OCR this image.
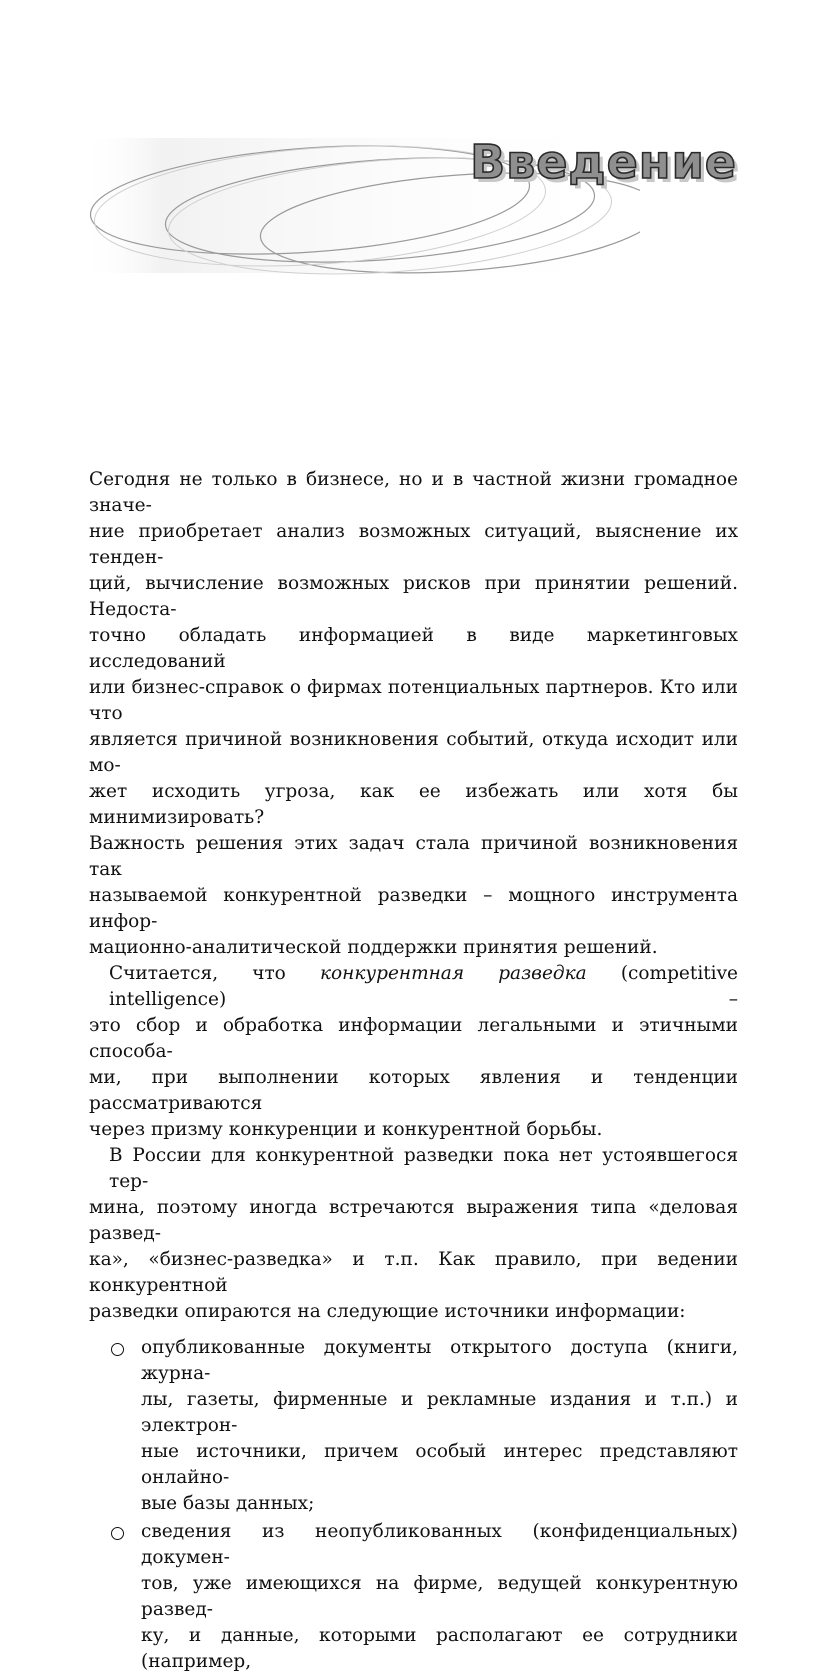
Введение

Сегодня не только в бизнесе, но и в частной жизни громадное значе-
ние приобретает анализ возможных ситуаций, выяснение их тенден-
ций, вычисление возможных рисков при принятии решений. Недоста-
точно обладать информацией в виде маркетинговых исследований
или бизнес-справок о фирмах потенциальных партнеров. Кто или что
является причиной возникновения событий, откуда исходит или мо-
жет исходить угроза, как ее избежать или хотя бы минимизировать?
Важность решения этих задач стала причиной возникновения так
называемой конкурентной разведки – мощного инструмента инфор-
мационно-аналитической поддержки принятия решений.

Считается, что конкурентная разведка (competitive intelligence) –
это сбор и обработка информации легальными и этичными способа-
ми, при выполнении которых явления и тенденции рассматриваются
через призму конкуренции и конкурентной борьбы.

В России для конкурентной разведки пока нет устоявшегося тер-
мина, поэтому иногда встречаются выражения типа «деловая развед-
ка», «бизнес-разведка» и т.п. Как правило, при ведении конкурентной
разведки опираются на следующие источники информации:

опубликованные документы открытого доступа (книги, журна-
лы, газеты, фирменные и рекламные издания и т.п.) и электрон-
ные источники, причем особый интерес представляют онлайно-
вые базы данных;

сведения из неопубликованных (конфиденциальных) докумен-
тов, уже имеющихся на фирме, ведущей конкурентную развед-
ку, и данные, которыми располагают ее сотрудники (например,
